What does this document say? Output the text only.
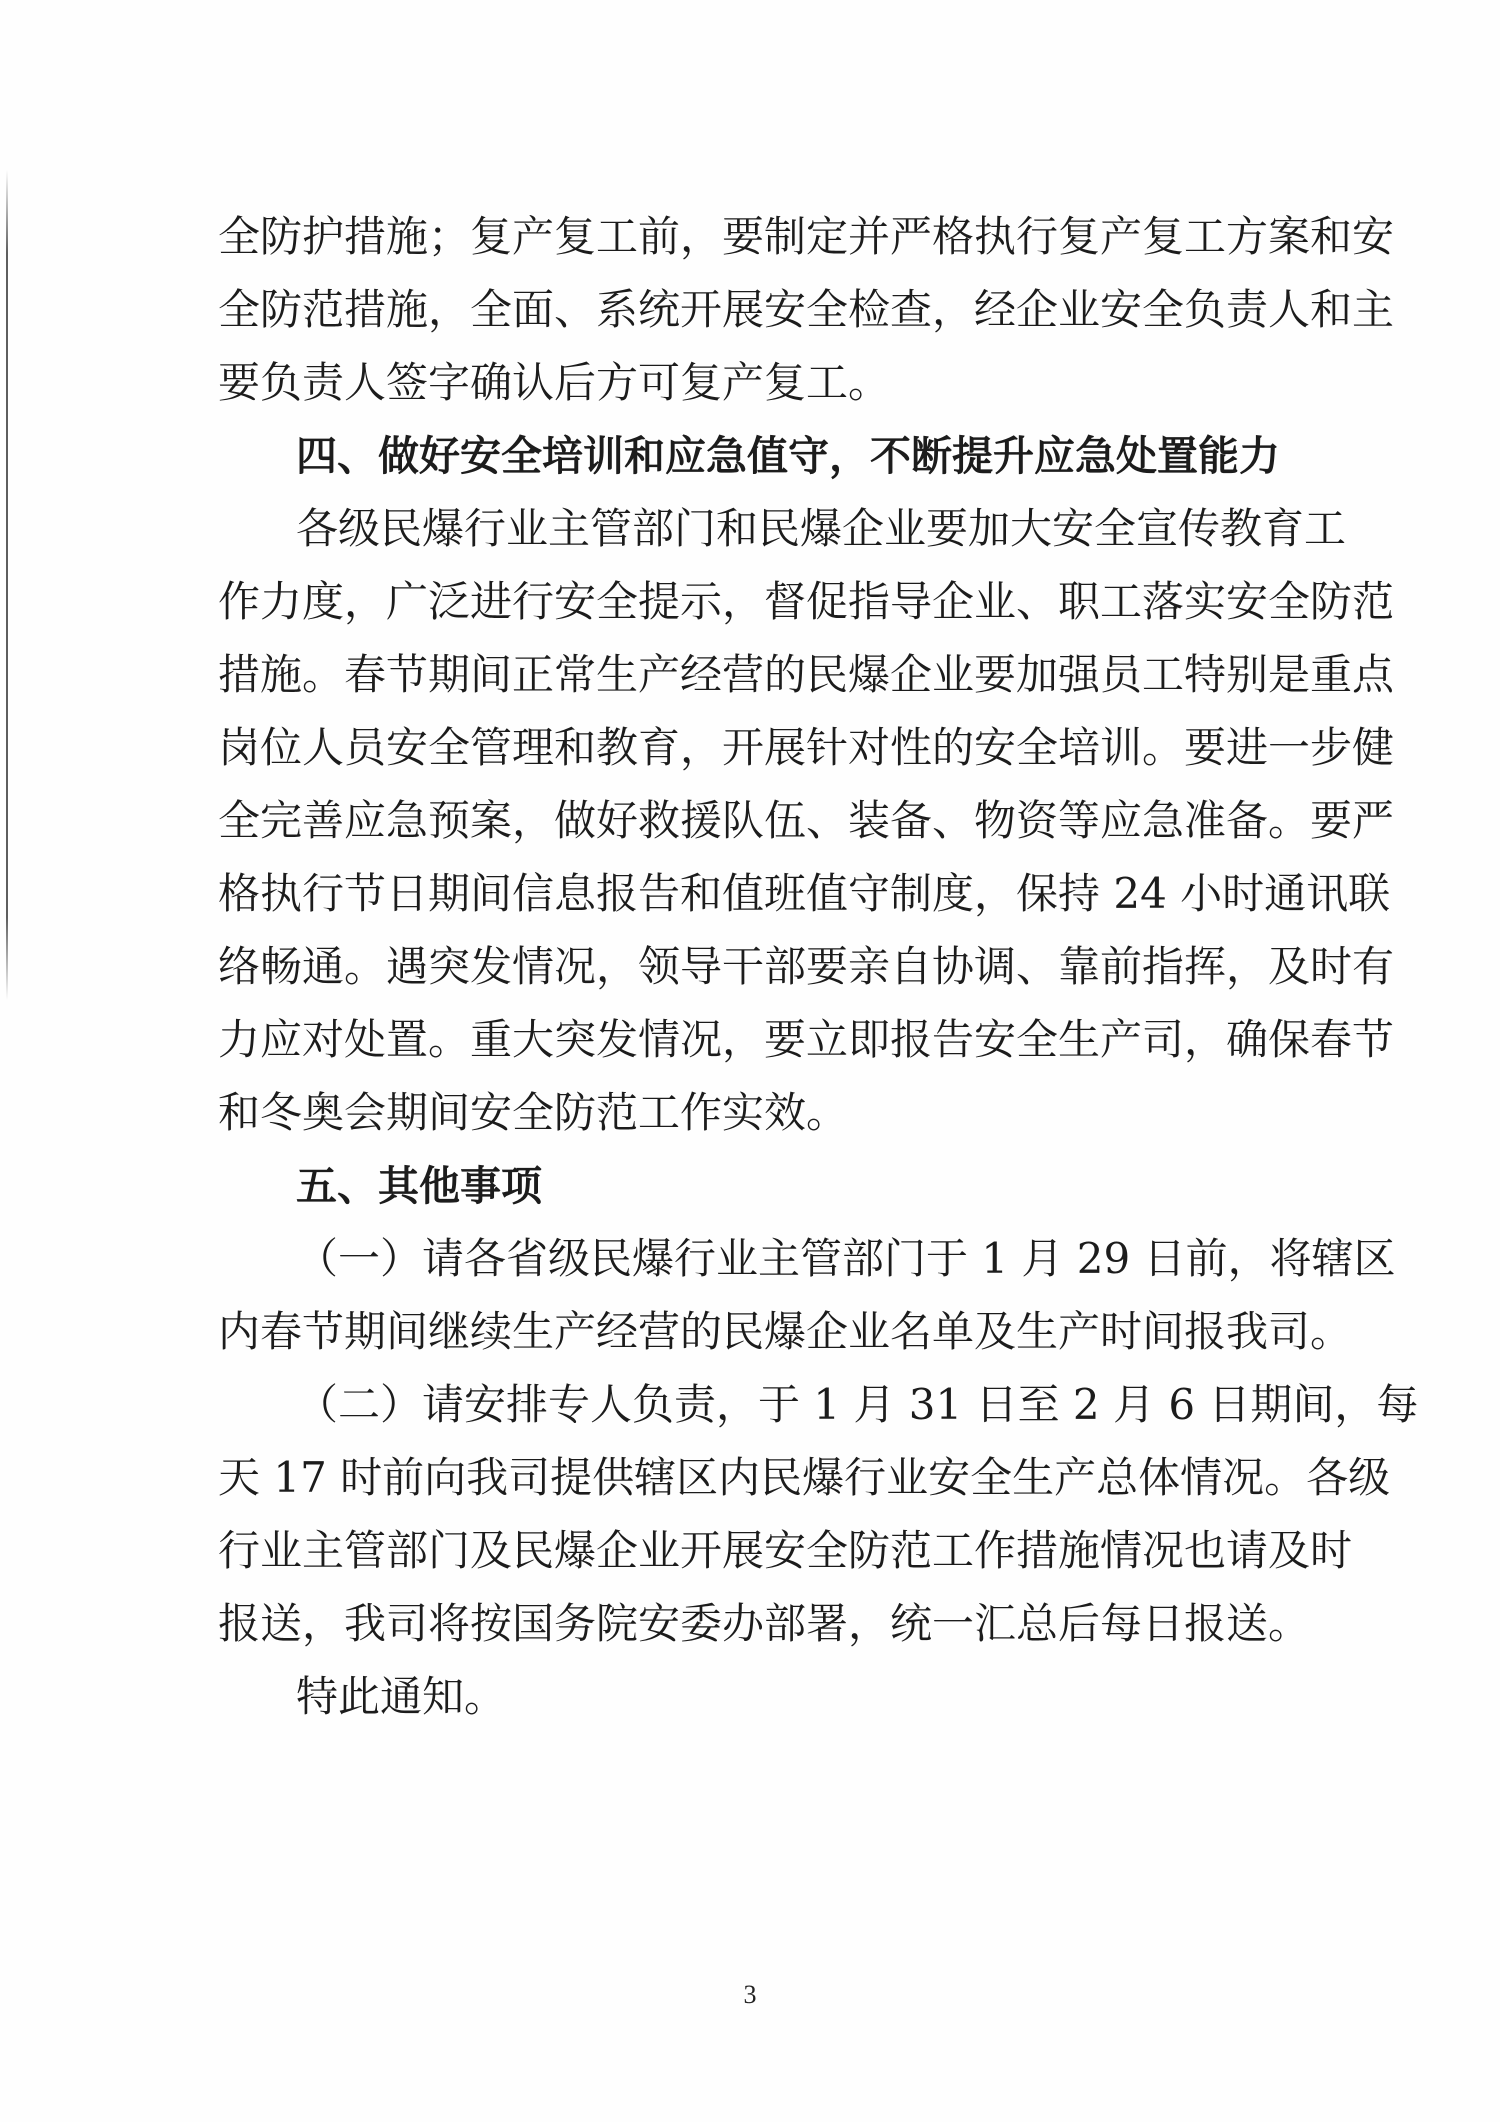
全防护措施；复产复工前，要制定并严格执行复产复工方案和安
全防范措施，全面、系统开展安全检查，经企业安全负责人和主
要负责人签字确认后方可复产复工。
四、做好安全培训和应急值守，不断提升应急处置能力
各级民爆行业主管部门和民爆企业要加大安全宣传教育工
作力度，广泛进行安全提示，督促指导企业、职工落实安全防范
措施。春节期间正常生产经营的民爆企业要加强员工特别是重点
岗位人员安全管理和教育，开展针对性的安全培训。要进一步健
全完善应急预案，做好救援队伍、装备、物资等应急准备。要严
格执行节日期间信息报告和值班值守制度，保持 24 小时通讯联
络畅通。遇突发情况，领导干部要亲自协调、靠前指挥，及时有
力应对处置。重大突发情况，要立即报告安全生产司，确保春节
和冬奥会期间安全防范工作实效。
五、其他事项
（一）请各省级民爆行业主管部门于 1 月 29 日前，将辖区
内春节期间继续生产经营的民爆企业名单及生产时间报我司。
（二）请安排专人负责，于 1 月 31 日至 2 月 6 日期间，每
天 17 时前向我司提供辖区内民爆行业安全生产总体情况。各级
行业主管部门及民爆企业开展安全防范工作措施情况也请及时
报送，我司将按国务院安委办部署，统一汇总后每日报送。
特此通知。
3
